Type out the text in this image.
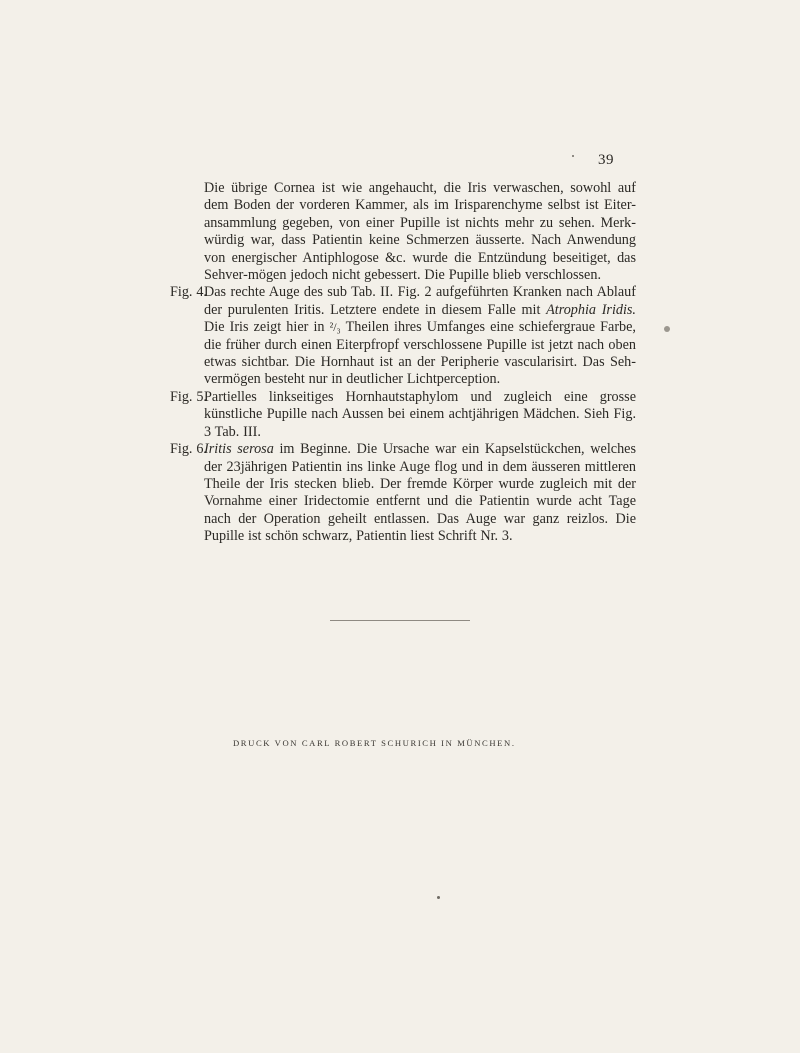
39

Die übrige Cornea ist wie angehaucht, die Iris verwaschen, sowohl auf dem Boden der vorderen Kammer, als im Irisparenchyme selbst ist Eiter-ansammlung gegeben, von einer Pupille ist nichts mehr zu sehen. Merk-würdig war, dass Patientin keine Schmerzen äusserte. Nach Anwendung von energischer Antiphlogose &c. wurde die Entzündung beseitiget, das Sehver-mögen jedoch nicht gebessert. Die Pupille blieb verschlossen.

Fig. 4.
Das rechte Auge des sub Tab. II. Fig. 2 aufgeführten Kranken nach Ablauf der purulenten Iritis. Letztere endete in diesem Falle mit Atrophia Iridis. Die Iris zeigt hier in ²/₃ Theilen ihres Umfanges eine schiefergraue Farbe, die früher durch einen Eiterpfropf verschlossene Pupille ist jetzt nach oben etwas sichtbar. Die Hornhaut ist an der Peripherie vascularisirt. Das Seh-vermögen besteht nur in deutlicher Lichtperception.

Fig. 5.
Partielles linkseitiges Hornhautstaphylom und zugleich eine grosse künstliche Pupille nach Aussen bei einem achtjährigen Mädchen. Sieh Fig. 3 Tab. III.

Fig. 6.
Iritis serosa im Beginne. Die Ursache war ein Kapselstückchen, welches der 23jährigen Patientin ins linke Auge flog und in dem äusseren mittleren Theile der Iris stecken blieb. Der fremde Körper wurde zugleich mit der Vornahme einer Iridectomie entfernt und die Patientin wurde acht Tage nach der Operation geheilt entlassen. Das Auge war ganz reizlos. Die Pupille ist schön schwarz, Patientin liest Schrift Nr. 3.

DRUCK VON CARL ROBERT SCHURICH IN MÜNCHEN.
